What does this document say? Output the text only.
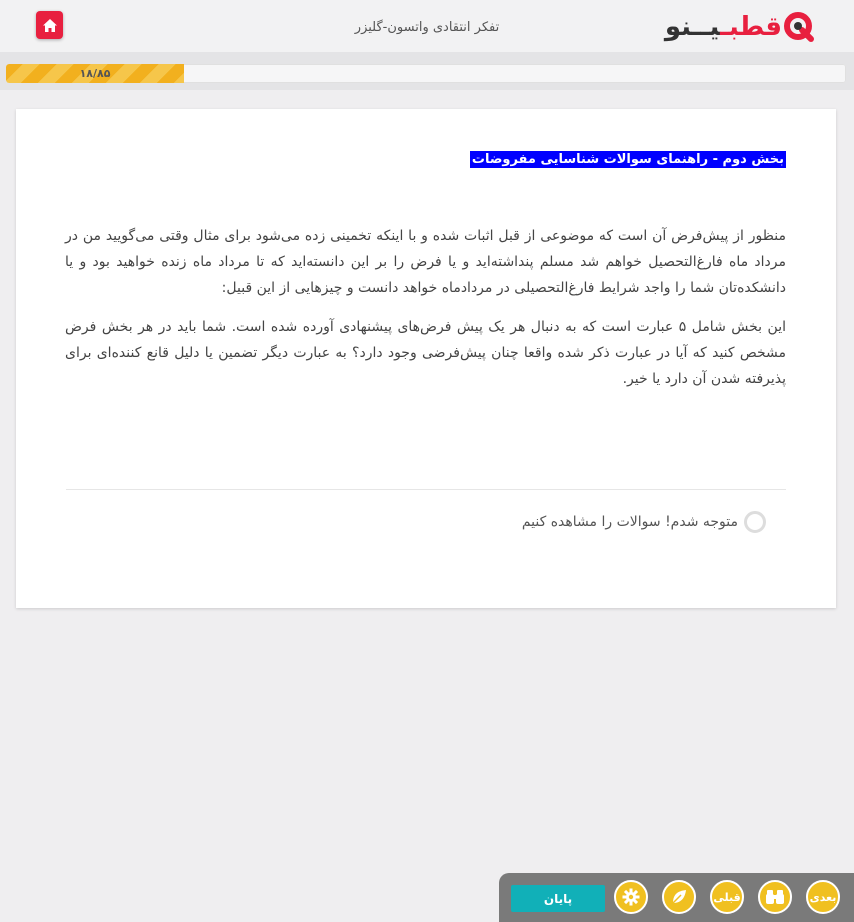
تفکر انتقادی واتسون-گلیزر	قطبـیــنو
۱۸/۸۵
بخش دوم - راهنمای سوالات شناسایی مفروضات

منظور از پیش‌فرض آن است که موضوعی از قبل اثبات شده و با اینکه تخمینی زده می‌شود برای مثال وقتی می‌گویید من در مرداد ماه فارغ‌التحصیل خواهم شد مسلم پنداشته‌اید و یا فرض را بر این دانسته‌اید که تا مرداد ماه زنده خواهید بود و یا دانشکده‌تان شما را واجد شرایط فارغ‌التحصیلی در مردادماه خواهد دانست و چیزهایی از این قبیل:

این بخش شامل ۵ عبارت است که به دنبال هر یک پیش فرض‌های پیشنهادی آورده شده است. شما باید در هر بخش فرض مشخص کنید که آیا در عبارت ذکر شده واقعا چنان پیش‌فرضی وجود دارد؟ به عبارت دیگر تضمین یا دلیل قانع کننده‌ای برای پذیرفته شدن آن دارد یا خیر.

متوجه شدم! سوالات را مشاهده کنیم
پایان	قبلی	بعدی
